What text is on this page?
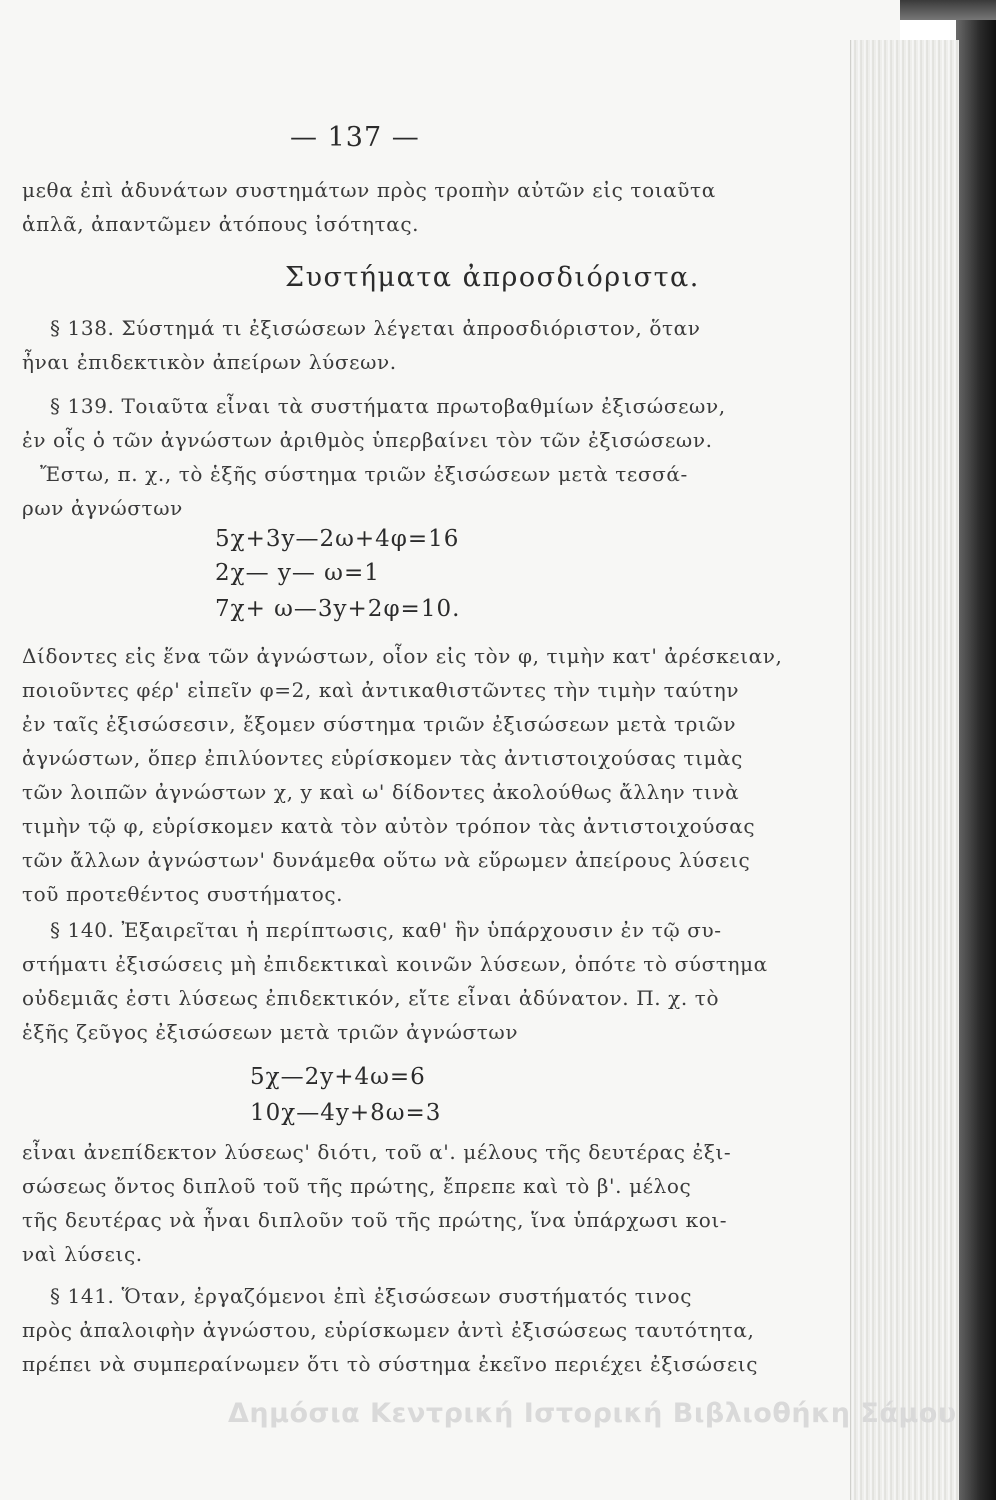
— 137 —
μεθα ἐπὶ ἀδυνάτων συστημάτων πρὸς τροπὴν αὐτῶν εἰς τοιαῦτα
ἁπλᾶ, ἀπαντῶμεν ἀτόπους ἰσότητας.
Συστήματα ἀπροσδιόριστα.
§ 138. Σύστημά τι ἐξισώσεων λέγεται ἀπροσδιόριστον, ὅταν
ἦναι ἐπιδεκτικὸν ἀπείρων λύσεων.
§ 139. Τοιαῦτα εἶναι τὰ συστήματα πρωτοβαθμίων ἐξισώσεων,
ἐν οἷς ὁ τῶν ἀγνώστων ἀριθμὸς ὑπερβαίνει τὸν τῶν ἐξισώσεων.
Ἔστω, π. χ., τὸ ἑξῆς σύστημα τριῶν ἐξισώσεων μετὰ τεσσά-
ρων ἀγνώστων
5χ+3y—2ω+4φ=16
2χ— y— ω=1
7χ+ ω—3y+2φ=10.
Δίδοντες εἰς ἕνα τῶν ἀγνώστων, οἷον εἰς τὸν φ, τιμὴν κατ' ἀρέσκειαν,
ποιοῦντες φέρ' εἰπεῖν φ=2, καὶ ἀντικαθιστῶντες τὴν τιμὴν ταύτην
ἐν ταῖς ἐξισώσεσιν, ἔξομεν σύστημα τριῶν ἐξισώσεων μετὰ τριῶν
ἀγνώστων, ὅπερ ἐπιλύοντες εὑρίσκομεν τὰς ἀντιστοιχούσας τιμὰς
τῶν λοιπῶν ἀγνώστων χ, y καὶ ω' δίδοντες ἀκολούθως ἄλλην τινὰ
τιμὴν τῷ φ, εὑρίσκομεν κατὰ τὸν αὐτὸν τρόπον τὰς ἀντιστοιχούσας
τῶν ἄλλων ἀγνώστων' δυνάμεθα οὕτω νὰ εὕρωμεν ἀπείρους λύσεις
τοῦ προτεθέντος συστήματος.
§ 140. Ἐξαιρεῖται ἡ περίπτωσις, καθ' ἣν ὑπάρχουσιν ἐν τῷ συ-
στήματι ἐξισώσεις μὴ ἐπιδεκτικαὶ κοινῶν λύσεων, ὁπότε τὸ σύστημα
οὐδεμιᾶς ἐστι λύσεως ἐπιδεκτικόν, εἴτε εἶναι ἀδύνατον. Π. χ. τὸ
ἑξῆς ζεῦγος ἐξισώσεων μετὰ τριῶν ἀγνώστων
5χ—2y+4ω=6
10χ—4y+8ω=3
εἶναι ἀνεπίδεκτον λύσεως' διότι, τοῦ α'. μέλους τῆς δευτέρας ἐξι-
σώσεως ὄντος διπλοῦ τοῦ τῆς πρώτης, ἔπρεπε καὶ τὸ β'. μέλος
τῆς δευτέρας νὰ ἦναι διπλοῦν τοῦ τῆς πρώτης, ἵνα ὑπάρχωσι κοι-
ναὶ λύσεις.
§ 141. Ὅταν, ἐργαζόμενοι ἐπὶ ἐξισώσεων συστήματός τινος
πρὸς ἀπαλοιφὴν ἀγνώστου, εὑρίσκωμεν ἀντὶ ἐξισώσεως ταυτότητα,
πρέπει νὰ συμπεραίνωμεν ὅτι τὸ σύστημα ἐκεῖνο περιέχει ἐξισώσεις
Δημόσια Κεντρική Ιστορική Βιβλιοθήκη Σάμου
